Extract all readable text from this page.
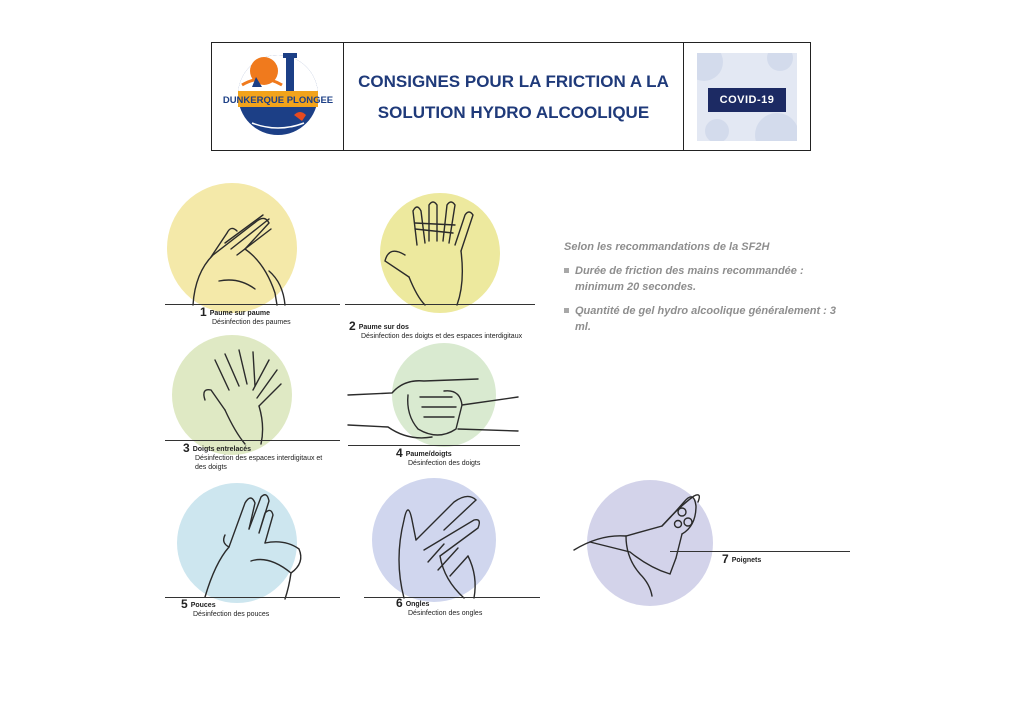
DUNKERQUE PLONGEE
CONSIGNES POUR LA FRICTION A LA
SOLUTION HYDRO ALCOOLIQUE
COVID-19
1 Paume sur paume
Désinfection des paumes	2 Paume sur dos
Désinfection des doigts et des espaces interdigitaux
3 Doigts entrelacés
Désinfection des espaces interdigitaux et des doigts
4 Paume/doigts
Désinfection des doigts
5 Pouces
Désinfection des pouces
6 Ongles
Désinfection des ongles
7 Poignets
Selon les recommandations de la SF2H
Durée de friction des mains recommandée : minimum 20 secondes.
Quantité de gel hydro alcoolique généralement : 3 ml.
